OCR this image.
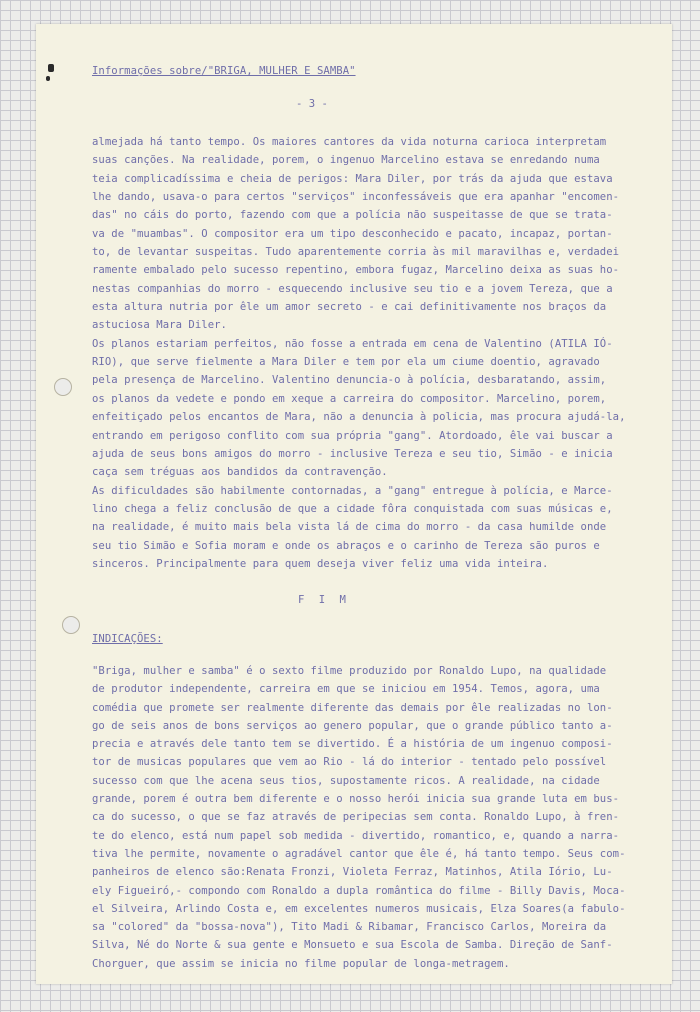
Informações sobre/"BRIGA, MULHER E SAMBA"

- 3 -

almejada há tanto tempo. Os maiores cantores da vida noturna carioca interpretam
suas canções. Na realidade, porem, o ingenuo Marcelino estava se enredando numa
teia complicadíssima e cheia de perigos: Mara Diler, por trás da ajuda que estava
lhe dando, usava-o para certos "serviços" inconfessáveis que era apanhar "encomen-
das" no cáis do porto, fazendo com que a polícia não suspeitasse de que se trata-
va de "muambas". O compositor era um tipo desconhecido e pacato, incapaz, portan-
to, de levantar suspeitas. Tudo aparentemente corria às mil maravilhas e, verdadei
ramente embalado pelo sucesso repentino, embora fugaz, Marcelino deixa as suas ho-
nestas companhias do morro - esquecendo inclusive seu tio e a jovem Tereza, que a
esta altura nutria por êle um amor secreto - e cai definitivamente nos braços da
astuciosa Mara Diler.
Os planos estariam perfeitos, não fosse a entrada em cena de Valentino (ATILA IÓ-
RIO), que serve fielmente a Mara Diler e tem por ela um ciume doentio, agravado
pela presença de Marcelino. Valentino denuncia-o à polícia, desbaratando, assim,
os planos da vedete e pondo em xeque a carreira do compositor. Marcelino, porem,
enfeitiçado pelos encantos de Mara, não a denuncia à policia, mas procura ajudá-la,
entrando em perigoso conflito com sua própria "gang". Atordoado, êle vai buscar a
ajuda de seus bons amigos do morro - inclusive Tereza e seu tio, Simão - e inicia
caça sem tréguas aos bandidos da contravenção.
As dificuldades são habilmente contornadas, a "gang" entregue à polícia, e Marce-
lino chega a feliz conclusão de que a cidade fôra conquistada com suas músicas e,
na realidade, é muito mais bela vista lá de cima do morro - da casa humilde onde
seu tio Simão e Sofia moram e onde os abraços e o carinho de Tereza são puros e
sinceros. Principalmente para quem deseja viver feliz uma vida inteira.

F I M

INDICAÇÕES:

"Briga, mulher e samba" é o sexto filme produzido por Ronaldo Lupo, na qualidade
de produtor independente, carreira em que se iniciou em 1954. Temos, agora, uma
comédia que promete ser realmente diferente das demais por êle realizadas no lon-
go de seis anos de bons serviços ao genero popular, que o grande público tanto a-
precia e através dele tanto tem se divertido. É a história de um ingenuo composi-
tor de musicas populares que vem ao Rio - lá do interior - tentado pelo possível
sucesso com que lhe acena seus tios, supostamente ricos. A realidade, na cidade
grande, porem é outra bem diferente e o nosso herói inicia sua grande luta em bus-
ca do sucesso, o que se faz através de peripecias sem conta. Ronaldo Lupo, à fren-
te do elenco, está num papel sob medida - divertido, romantico, e, quando a narra-
tiva lhe permite, novamente o agradável cantor que êle é, há tanto tempo. Seus com-
panheiros de elenco são:Renata Fronzi, Violeta Ferraz, Matinhos, Atila Iório, Lu-
ely Figueiró,- compondo com Ronaldo a dupla romântica do filme - Billy Davis, Moca-
el Silveira, Arlindo Costa e, em excelentes numeros musicais, Elza Soares(a fabulo-
sa "colored" da "bossa-nova"), Tito Madi & Ribamar, Francisco Carlos, Moreira da
Silva, Né do Norte & sua gente e Monsueto e sua Escola de Samba. Direção de Sanf-
Chorguer, que assim se inicia no filme popular de longa-metragem.
